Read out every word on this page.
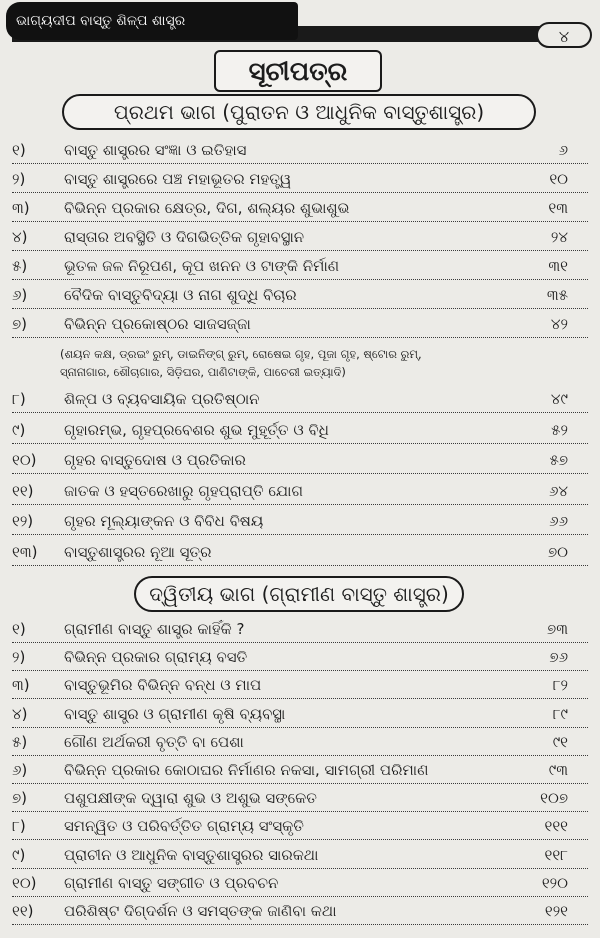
ଭାଗ୍ୟଦୀପ ବାସ୍ତୁ ଶିଳ୍ପ ଶାସ୍ତ୍ର
୪
ସୂଚୀପତ୍ର
ପ୍ରଥମ ଭାଗ (ପୁରାତନ ଓ ଆଧୁନିକ ବାସ୍ତୁଶାସ୍ତ୍ର)
୧)	ବାସ୍ତୁ ଶାସ୍ତ୍ରର ସଂଜ୍ଞା ଓ ଇତିହାସ	୬
୨)	ବାସ୍ତୁ ଶାସ୍ତ୍ରରେ ପଞ୍ଚ ମହାଭୂତର ମହତ୍ତ୍ୱ	୧୦
୩) ବିଭିନ୍ନ ପ୍ରକାର କ୍ଷେତ୍ର, ଦିଗ, ଶଲ୍ୟର ଶୁଭାଶୁଭ	୧୩
୪) ରାସ୍ତାର ଅବସ୍ଥିତି ଓ ଦିଗଭିତ୍ତିକ ଗୃହାବସ୍ଥାନ	୨୪
୫) ଭୂତଳ ଜଳ ନିରୂପଣ, କୂପ ଖନନ ଓ ଟାଙ୍କି ନିର୍ମାଣ	୩୧
୬) ବୈଦିକ ବାସ୍ତୁବିଦ୍ୟା ଓ ନାଗ ଶୁଦ୍ଧି ବିଚାର	୩୫
୭) ବିଭିନ୍ନ ପ୍ରକୋଷ୍ଠର ସାଜସଜ୍ଜା	୪୨
(ଶୟନ କକ୍ଷ, ଡ୍ରଇଂ ରୁମ୍, ଡାଇନିଙ୍ଗ୍ ରୁମ୍, ରୋଷେଇ ଗୃହ, ପୂଜା ଗୃହ, ଷ୍ଟୋର ରୁମ୍,
ସ୍ନାନାଗାର, ଶୌଚାଗାର, ସିଡ଼ିଘର, ପାଣିଟାଙ୍କି, ପାଚେରୀ ଇତ୍ୟାଦି)
୮)	ଶିଳ୍ପ ଓ ବ୍ୟବସାୟିକ ପ୍ରତିଷ୍ଠାନ	୪୯
୯)	ଗୃହାରମ୍ଭ, ଗୃହପ୍ରବେଶର ଶୁଭ ମୁହୂର୍ତ୍ତ ଓ ବିଧି	୫୨
୧୦) ଗୃହର ବାସ୍ତୁଦୋଷ ଓ ପ୍ରତିକାର	୫୭
୧୧) ଜାତକ ଓ ହସ୍ତରେଖାରୁ ଗୃହପ୍ରାପ୍ତି ଯୋଗ	୬୪
୧୨) ଗୃହର ମୂଲ୍ୟାଙ୍କନ ଓ ବିବିଧ ବିଷୟ	୬୬
୧୩) ବାସ୍ତୁଶାସ୍ତ୍ରର ନୂଆ ସୂତ୍ର	୭୦
ଦ୍ୱିତୀୟ ଭାଗ (ଗ୍ରାମୀଣ ବାସ୍ତୁ ଶାସ୍ତ୍ର)
୧)	ଗ୍ରାମୀଣ ବାସ୍ତୁ ଶାସ୍ତ୍ର କାହିଁକି ?	୭୩
୨)	ବିଭିନ୍ନ ପ୍ରକାର ଗ୍ରାମ୍ୟ ବସତି	୭୬
୩) ବାସ୍ତୁଭୂମିର ବିଭିନ୍ନ ବନ୍ଧ ଓ ମାପ	୮୨
୪) ବାସ୍ତୁ ଶାସ୍ତ୍ର ଓ ଗ୍ରାମୀଣ କୃଷି ବ୍ୟବସ୍ଥା	୮୯
୫) ଗୌଣ ଅର୍ଥକରୀ ବୃତ୍ତି ବା ପେଶା	୯୧
୬) ବିଭିନ୍ନ ପ୍ରକାର କୋଠାଘର ନିର୍ମାଣର ନକସା, ସାମଗ୍ରୀ ପରିମାଣ	୯୩
୭) ପଶୁପକ୍ଷୀଙ୍କ ଦ୍ୱାରା ଶୁଭ ଓ ଅଶୁଭ ସଙ୍କେତ	୧୦୭
୮)	ସମନ୍ୱିତ ଓ ପରିବର୍ତ୍ତିତ ଗ୍ରାମ୍ୟ ସଂସ୍କୃତି	୧୧୧
୯)	ପ୍ରାଚୀନ ଓ ଆଧୁନିକ ବାସ୍ତୁଶାସ୍ତ୍ରର ସାରକଥା	୧୧୮
୧୦) ଗ୍ରାମୀଣ ବାସ୍ତୁ ସଙ୍ଗୀତ ଓ ପ୍ରବଚନ	୧୨୦
୧୧) ପରିଶିଷ୍ଟ ଦିଗ୍‌ଦର୍ଶନ ଓ ସମସ୍ତଙ୍କ ଜାଣିବା କଥା	୧୨୧
